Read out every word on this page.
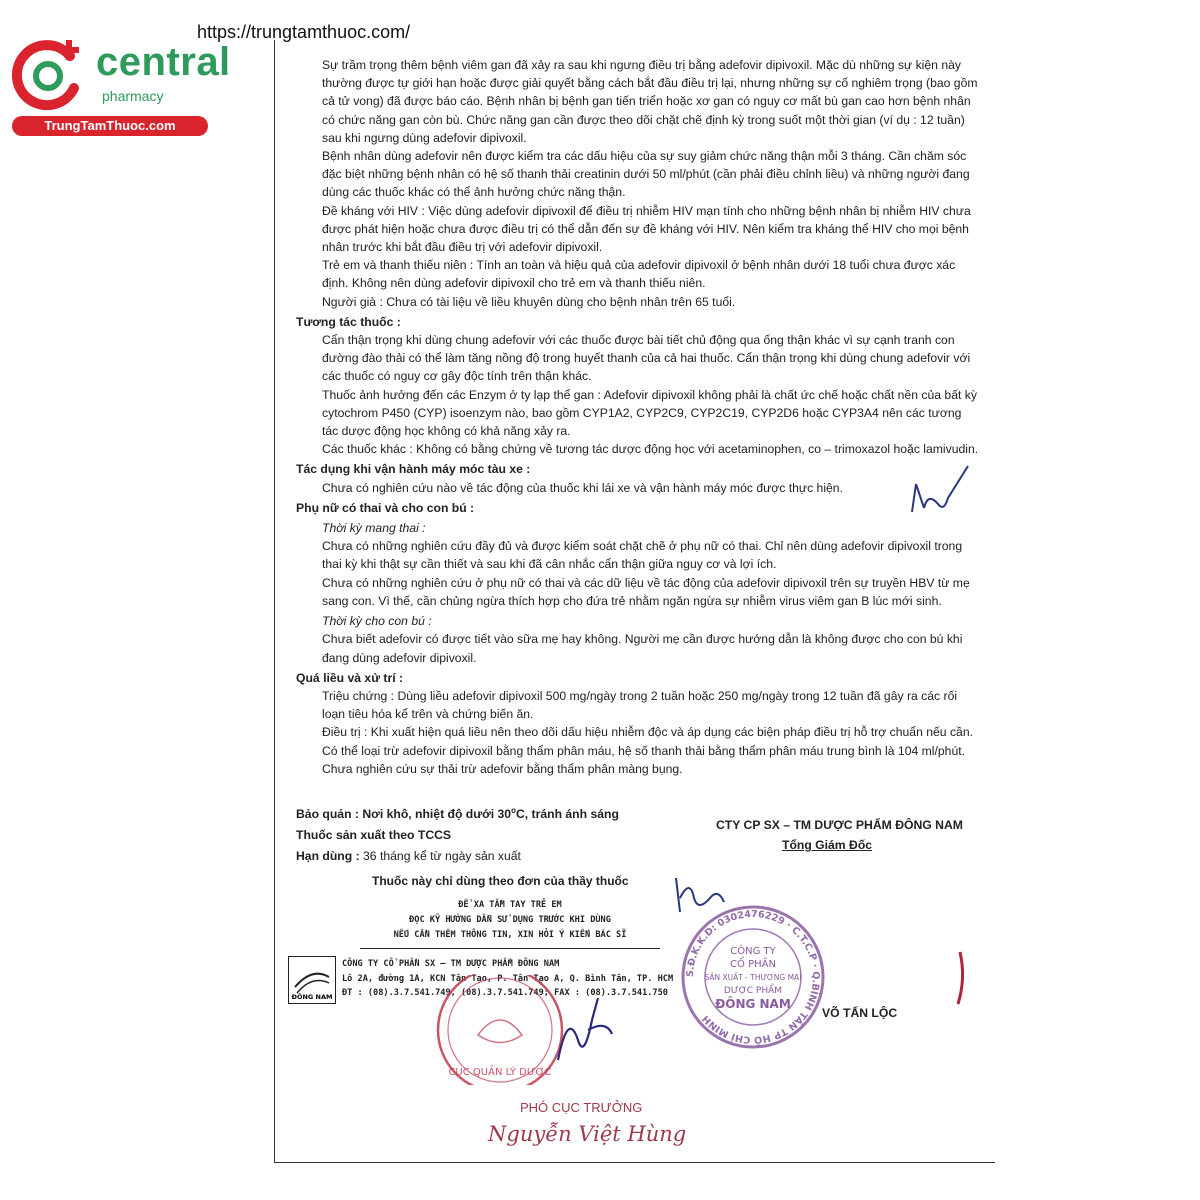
central
pharmacy
TrungTamThuoc.com
https://trungtamthuoc.com/

Sự trầm trọng thêm bệnh viêm gan đã xảy ra sau khi ngưng điều trị bằng adefovir dipivoxil. Mặc dù những sự kiện này thường được tự giới hạn hoặc được giải quyết bằng cách bắt đầu điều trị lại, nhưng những sự cố nghiêm trọng (bao gồm cả tử vong) đã được báo cáo. Bệnh nhân bị bệnh gan tiến triển hoặc xơ gan có nguy cơ mất bù gan cao hơn bệnh nhân có chức năng gan còn bù. Chức năng gan cần được theo dõi chặt chẽ định kỳ trong suốt một thời gian (ví dụ : 12 tuần) sau khi ngưng dùng adefovir dipivoxil.

Bệnh nhân dùng adefovir nên được kiểm tra các dấu hiệu của sự suy giảm chức năng thận mỗi 3 tháng. Cần chăm sóc đặc biệt những bệnh nhân có hệ số thanh thải creatinin dưới 50 ml/phút (cần phải điều chỉnh liều) và những người đang dùng các thuốc khác có thể ảnh hưởng chức năng thận.

Đề kháng với HIV : Việc dùng adefovir dipivoxil để điều trị nhiễm HIV mạn tính cho những bệnh nhân bị nhiễm HIV chưa được phát hiện hoặc chưa được điều trị có thể dẫn đến sự đề kháng với HIV. Nên kiểm tra kháng thể HIV cho mọi bệnh nhân trước khi bắt đầu điều trị với adefovir dipivoxil.

Trẻ em và thanh thiếu niên : Tính an toàn và hiệu quả của adefovir dipivoxil ở bệnh nhân dưới 18 tuổi chưa được xác định. Không nên dùng adefovir dipivoxil cho trẻ em và thanh thiếu niên.

Người già : Chưa có tài liệu về liều khuyên dùng cho bệnh nhân trên 65 tuổi.

Tương tác thuốc :

Cẩn thận trọng khi dùng chung adefovir với các thuốc được bài tiết chủ động qua ống thận khác vì sự cạnh tranh con đường đào thải có thể làm tăng nồng độ trong huyết thanh của cả hai thuốc. Cẩn thận trọng khi dùng chung adefovir với các thuốc có nguy cơ gây độc tính trên thận khác.

Thuốc ảnh hưởng đến các Enzym ở ty lạp thể gan : Adefovir dipivoxil không phải là chất ức chế hoặc chất nền của bất kỳ cytochrom P450 (CYP) isoenzym nào, bao gồm CYP1A2, CYP2C9, CYP2C19, CYP2D6 hoặc CYP3A4 nên các tương tác dược động học không có khả năng xảy ra.

Các thuốc khác : Không có bằng chứng về tương tác dược động học với acetaminophen, co – trimoxazol hoặc lamivudin.

Tác dụng khi vận hành máy móc tàu xe :

Chưa có nghiên cứu nào về tác động của thuốc khi lái xe và vận hành máy móc được thực hiện.

Phụ nữ có thai và cho con bú :

Thời kỳ mang thai :

Chưa có những nghiên cứu đầy đủ và được kiểm soát chặt chẽ ở phụ nữ có thai. Chỉ nên dùng adefovir dipivoxil trong thai kỳ khi thật sự cần thiết và sau khi đã cân nhắc cẩn thận giữa nguy cơ và lợi ích.

Chưa có những nghiên cứu ở phụ nữ có thai và các dữ liệu về tác động của adefovir dipivoxil trên sự truyền HBV từ mẹ sang con. Vì thế, cần chủng ngừa thích hợp cho đứa trẻ nhằm ngăn ngừa sự nhiễm virus viêm gan B lúc mới sinh.

Thời kỳ cho con bú :

Chưa biết adefovir có được tiết vào sữa mẹ hay không. Người mẹ cần được hướng dẫn là không được cho con bú khi đang dùng adefovir dipivoxil.

Quá liều và xử trí :

Triệu chứng : Dùng liều adefovir dipivoxil 500 mg/ngày trong 2 tuần hoặc 250 mg/ngày trong 12 tuần đã gây ra các rối loạn tiêu hóa kể trên và chứng biến ăn.

Điều trị : Khi xuất hiện quá liều nên theo dõi dấu hiệu nhiễm độc và áp dụng các biện pháp điều trị hỗ trợ chuẩn nếu cần. Có thể loại trừ adefovir dipivoxil bằng thẩm phân máu, hệ số thanh thải bằng thẩm phân máu trung bình là 104 ml/phút. Chưa nghiên cứu sự thải trừ adefovir bằng thẩm phân màng bụng.

Bảo quản : Nơi khô, nhiệt độ dưới 30$^o$C, tránh ánh sáng
Thuốc sản xuất theo TCCS
Hạn dùng : 36 tháng kể từ ngày sản xuất
CTY CP SX – TM DƯỢC PHẨM ĐÔNG NAM
Tổng Giám Đốc
Thuốc này chỉ dùng theo đơn của thầy thuốc
ĐỂ XA TẦM TAY TRẺ EM
ĐỌC KỸ HƯỚNG DẪN SỬ DỤNG TRƯỚC KHI DÙNG
NẾU CẦN THÊM THÔNG TIN, XIN HỎI Ý KIẾN BÁC SĨ
ĐÔNG NAM
CÔNG TY CỔ PHẦN SX – TM DƯỢC PHẨM ĐÔNG NAM
Lô 2A, đường 1A, KCN Tân Tạo, P. Tân Tạo A, Q. Bình Tân, TP. HCM
ĐT : (08).3.7.541.749, (08).3.7.541.749; FAX : (08).3.7.541.750
CỤC QUẢN LÝ DƯỢC
S.Đ.K.K.D: 0302476229 · C.T.C.P · Q.BÌNH TÂN TP HỒ CHÍ MINH
CÔNG TY
CỔ PHẦN
SẢN XUẤT - THƯƠNG MẠI
DƯỢC PHẨM
ĐÔNG NAM
VÕ TẤN LỘC
PHÓ CỤC TRƯỞNG
Nguyễn Việt Hùng
